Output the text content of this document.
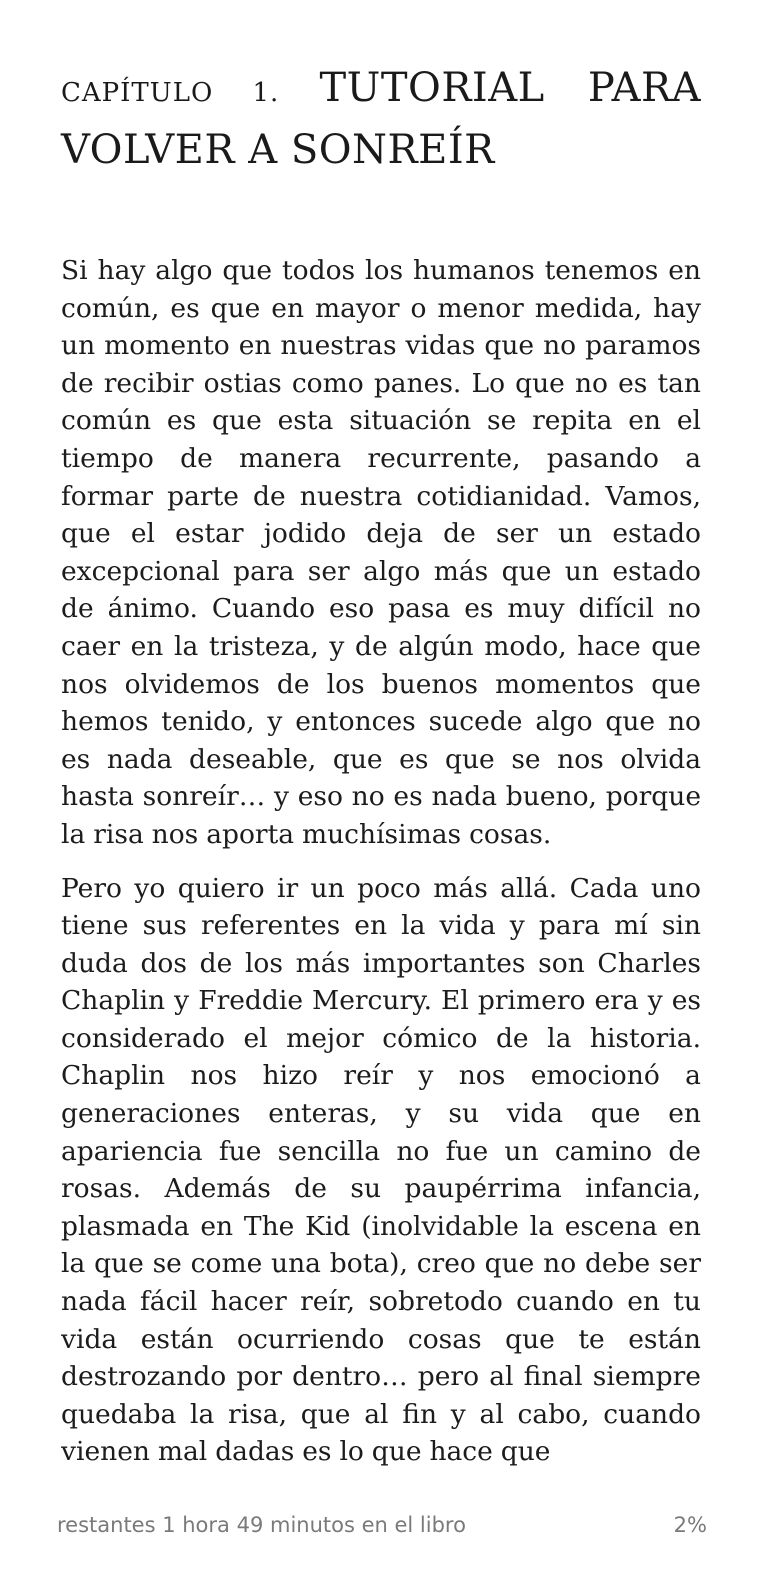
CAPÍTULO 1. TUTORIAL PARA VOLVER A SONREÍR

Si hay algo que todos los humanos tenemos en común, es que en mayor o menor medida, hay un momento en nuestras vidas que no paramos de recibir ostias como panes. Lo que no es tan común es que esta situación se repita en el tiempo de manera recurrente, pasando a formar parte de nuestra cotidianidad. Vamos, que el estar jodido deja de ser un estado excepcional para ser algo más que un estado de ánimo. Cuando eso pasa es muy difícil no caer en la tristeza, y de algún modo, hace que nos olvidemos de los buenos momentos que hemos tenido, y entonces sucede algo que no es nada deseable, que es que se nos olvida hasta sonreír… y eso no es nada bueno, porque la risa nos aporta muchísimas cosas.

Pero yo quiero ir un poco más allá. Cada uno tiene sus referentes en la vida y para mí sin duda dos de los más importantes son Charles Chaplin y Freddie Mercury. El primero era y es considerado el mejor cómico de la historia. Chaplin nos hizo reír y nos emocionó a generaciones enteras, y su vida que en apariencia fue sencilla no fue un camino de rosas. Además de su paupérrima infancia, plasmada en The Kid (inolvidable la escena en la que se come una bota), creo que no debe ser nada fácil hacer reír, sobretodo cuando en tu vida están ocurriendo cosas que te están destrozando por dentro… pero al final siempre quedaba la risa, que al fin y al cabo, cuando vienen mal dadas es lo que hace que

restantes 1 hora 49 minutos en el libro	2%
